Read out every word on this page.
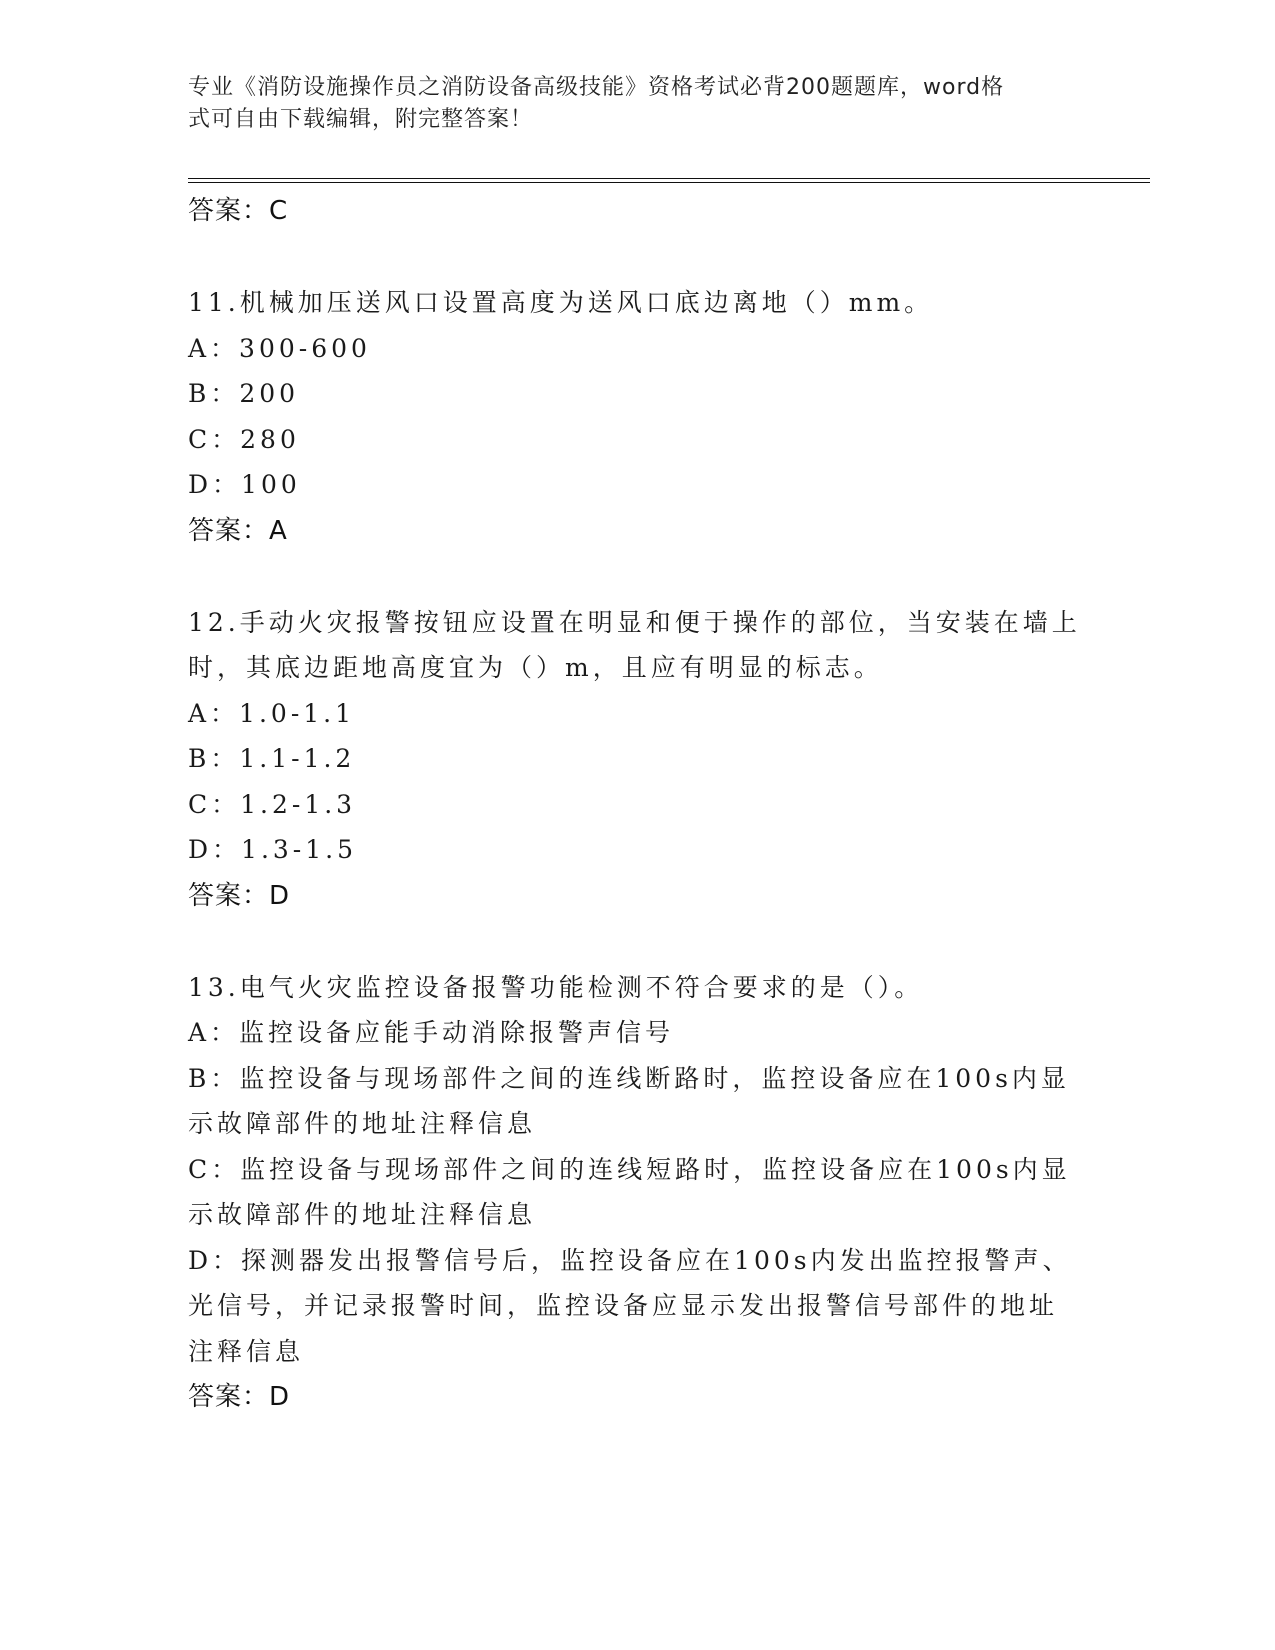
专业《消防设施操作员之消防设备高级技能》资格考试必背200题题库，word格
式可自由下载编辑，附完整答案！

答案：C

11.机械加压送风口设置高度为送风口底边离地（）mm。

A：300-600

B：200

C：280

D：100

答案：A

12.手动火灾报警按钮应设置在明显和便于操作的部位，当安装在墙上

时，其底边距地高度宜为（）m，且应有明显的标志。

A：1.0-1.1

B：1.1-1.2

C：1.2-1.3

D：1.3-1.5

答案：D

13.电气火灾监控设备报警功能检测不符合要求的是（）。

A：监控设备应能手动消除报警声信号

B：监控设备与现场部件之间的连线断路时，监控设备应在100s内显

示故障部件的地址注释信息

C：监控设备与现场部件之间的连线短路时，监控设备应在100s内显

示故障部件的地址注释信息

D：探测器发出报警信号后，监控设备应在100s内发出监控报警声、

光信号，并记录报警时间，监控设备应显示发出报警信号部件的地址

注释信息

答案：D
